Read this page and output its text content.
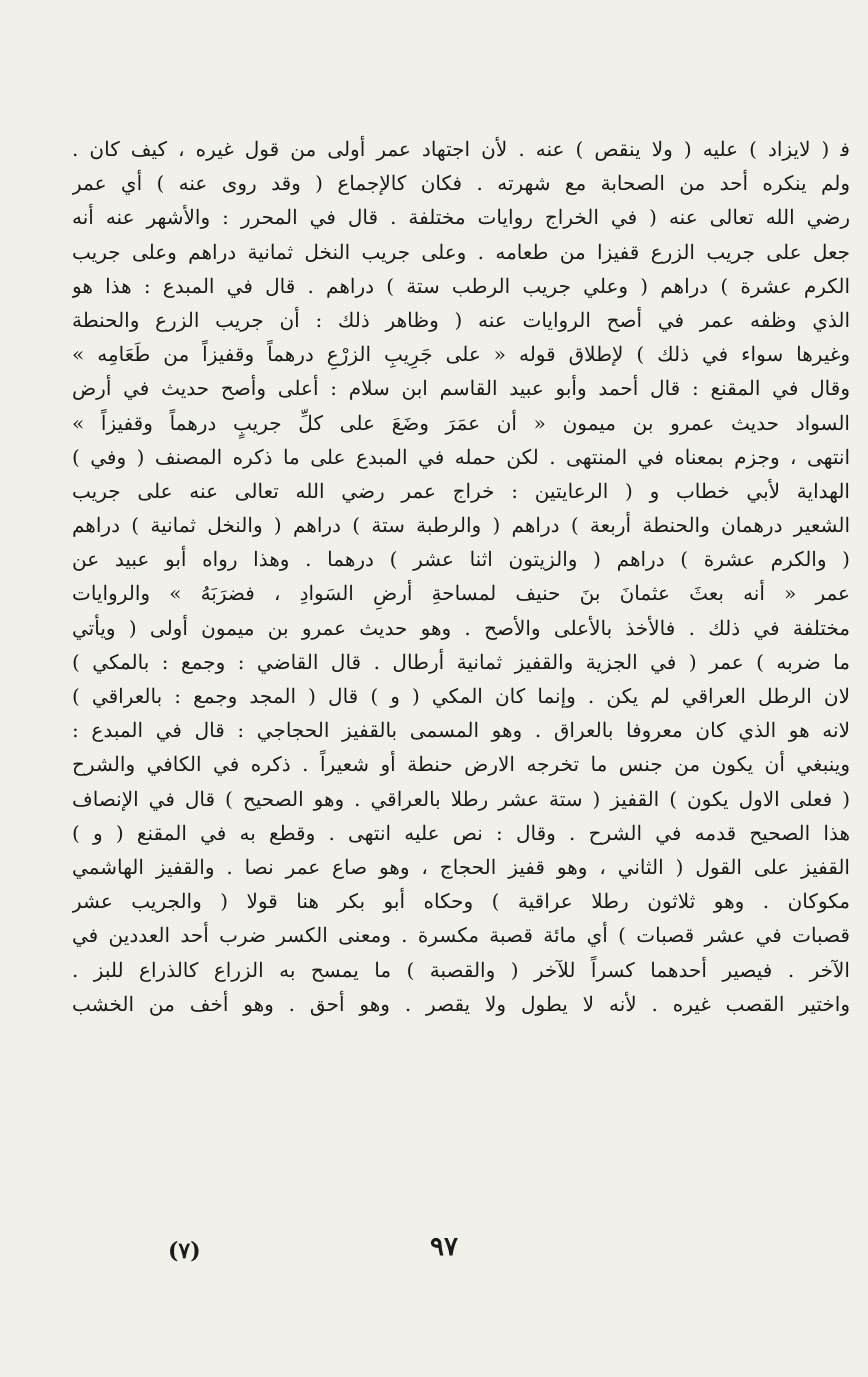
ﻓ ( لايزاد ) عليه ( ولا ينقص ) عنه . لأن اجتهاد عمر أولى من قول غيره ، كيف كان .
ولم ينكره أحد من الصحابة مع شهرته . فكان كالإجماع ( وقد روى عنه ) أي عمر
رضي الله تعالى عنه ( في الخراج روايات مختلفة . قال في المحرر : والأشهر عنه أنه
جعل على جريب الزرع قفيزا من طعامه . وعلى جريب النخل ثمانية دراهم وعلى جريب
الكرم عشرة ) دراهم ( وعلي جريب الرطب ستة ) دراهم . قال في المبدع : هذا هو
الذي وظفه عمر في أصح الروايات عنه ( وظاهر ذلك : أن جريب الزرع والحنطة
وغيرها سواء في ذلك ) لإطلاق قوله « على جَرِيبِ الزرْعِ درهماً وقفيزاً من طَعَامِه »
وقال في المقنع : قال أحمد وأبو عبيد القاسم ابن سلام : أعلى وأصح حديث في أرض
السواد حديث عمرو بن ميمون « أن عمَرَ وضَعَ على كلِّ جريبٍ درهماً وقفيزاً »
انتهى ، وجزم بمعناه في المنتهى . لكن حمله في المبدع على ما ذكره المصنف ( وفي )
الهداية لأبي خطاب و ( الرعايتين : خراج عمر رضي الله تعالى عنه على جريب
الشعير درهمان والحنطة أربعة ) دراهم ( والرطبة ستة ) دراهم ( والنخل ثمانية ) دراهم
( والكرم عشرة ) دراهم ( والزيتون اثنا عشر ) درهما . وهذا رواه أبو عبيد عن
عمر « أنه بعثَ عثمانَ بنَ حنيف لمساحةِ أرضِ السَوادِ ، فضرَبَهُ » والروايات
مختلفة في ذلك . فالأخذ بالأعلى والأصح . وهو حديث عمرو بن ميمون أولى ( ويأتي
ما ضربه ) عمر ( في الجزية والقفيز ثمانية أرطال . قال القاضي : وجمع : بالمكي )
لان الرطل العراقي لم يكن . وإنما كان المكي ( و ) قال ( المجد وجمع : بالعراقي )
لانه هو الذي كان معروفا بالعراق . وهو المسمى بالقفيز الحجاجي : قال في المبدع :
وينبغي أن يكون من جنس ما تخرجه الارض حنطة أو شعيراً . ذكره في الكافي والشرح
( فعلى الاول يكون ) القفيز ( ستة عشر رطلا بالعراقي . وهو الصحيح ) قال في الإنصاف
هذا الصحيح قدمه في الشرح . وقال : نص عليه انتهى . وقطع به في المقنع ( و )
القفيز على القول ( الثاني ، وهو قفيز الحجاج ، وهو صاع عمر نصا . والقفيز الهاشمي
مكوكان . وهو ثلاثون رطلا عراقية ) وحكاه أبو بكر هنا قولا ( والجريب عشر
قصبات في عشر قصبات ) أي مائة قصبة مكسرة . ومعنى الكسر ضرب أحد العددين في
الآخر . فيصير أحدهما كسراً للآخر ( والقصبة ) ما يمسح به الزراع كالذراع للبز .
واختير القصب غيره . لأنه لا يطول ولا يقصر . وهو أحق . وهو أخف من الخشب
(٧)	٩٧
